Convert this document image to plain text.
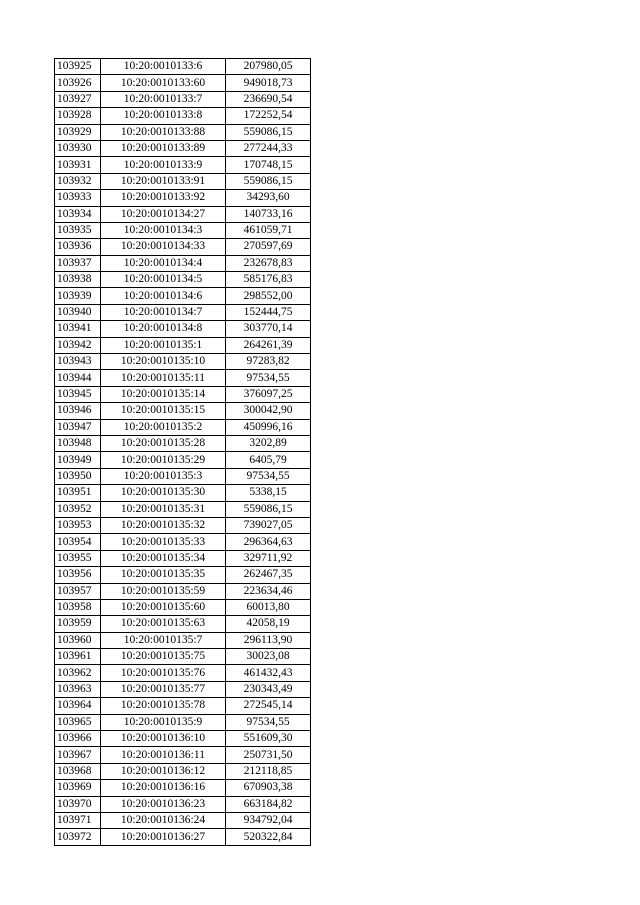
103925	10:20:0010133:6	207980,05
103926	10:20:0010133:60	949018,73
103927	10:20:0010133:7	236690,54
103928	10:20:0010133:8	172252,54
103929	10:20:0010133:88	559086,15
103930	10:20:0010133:89	277244,33
103931	10:20:0010133:9	170748,15
103932	10:20:0010133:91	559086,15
103933	10:20:0010133:92	34293,60
103934	10:20:0010134:27	140733,16
103935	10:20:0010134:3	461059,71
103936	10:20:0010134:33	270597,69
103937	10:20:0010134:4	232678,83
103938	10:20:0010134:5	585176,83
103939	10:20:0010134:6	298552,00
103940	10:20:0010134:7	152444,75
103941	10:20:0010134:8	303770,14
103942	10:20:0010135:1	264261,39
103943	10:20:0010135:10	97283,82
103944	10:20:0010135:11	97534,55
103945	10:20:0010135:14	376097,25
103946	10:20:0010135:15	300042,90
103947	10:20:0010135:2	450996,16
103948	10:20:0010135:28	3202,89
103949	10:20:0010135:29	6405,79
103950	10:20:0010135:3	97534,55
103951	10:20:0010135:30	5338,15
103952	10:20:0010135:31	559086,15
103953	10:20:0010135:32	739027,05
103954	10:20:0010135:33	296364,63
103955	10:20:0010135:34	329711,92
103956	10:20:0010135:35	262467,35
103957	10:20:0010135:59	223634,46
103958	10:20:0010135:60	60013,80
103959	10:20:0010135:63	42058,19
103960	10:20:0010135:7	296113,90
103961	10:20:0010135:75	30023,08
103962	10:20:0010135:76	461432,43
103963	10:20:0010135:77	230343,49
103964	10:20:0010135:78	272545,14
103965	10:20:0010135:9	97534,55
103966	10:20:0010136:10	551609,30
103967	10:20:0010136:11	250731,50
103968	10:20:0010136:12	212118,85
103969	10:20:0010136:16	670903,38
103970	10:20:0010136:23	663184,82
103971	10:20:0010136:24	934792,04
103972	10:20:0010136:27	520322,84
